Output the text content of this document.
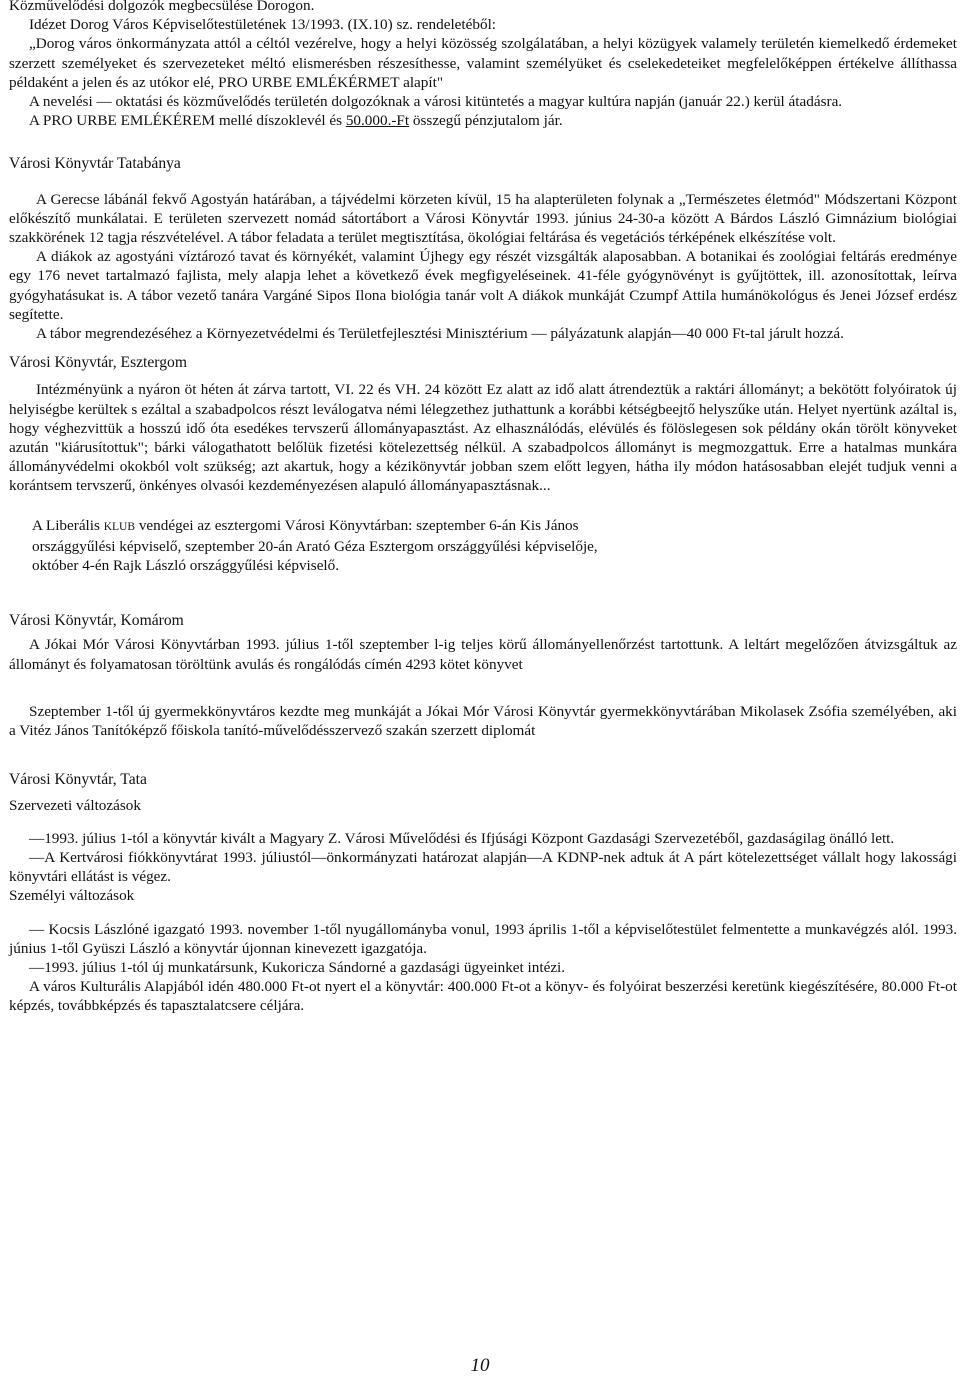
Közművelődési dolgozók megbecsülése Dorogon.

Idézet Dorog Város Képviselőtestületének 13/1993. (IX.10) sz. rendeletéből:

„Dorog város önkormányzata attól a céltól vezérelve, hogy a helyi közösség szolgálatában, a helyi közügyek valamely területén kiemelkedő érdemeket szerzett személyeket és szervezeteket méltó elismerésben részesíthesse, valamint személyüket és cselekedeteiket megfelelőképpen értékelve állíthassa példaként a jelen és az utókor elé, PRO URBE EMLÉKÉRMET alapít"

A nevelési — oktatási és közművelődés területén dolgozóknak a városi kitüntetés a magyar kultúra napján (január 22.) kerül átadásra.

A PRO URBE EMLÉKÉREM mellé díszoklevél és 50.000.-Ft összegű pénzjutalom jár.

Városi Könyvtár Tatabánya

A Gerecse lábánál fekvő Agostyán határában, a tájvédelmi körzeten kívül, 15 ha alapterületen folynak a „Természetes életmód" Módszertani Központ előkészítő munkálatai. E területen szervezett nomád sátortábort a Városi Könyvtár 1993. június 24-30-a között A Bárdos László Gimnázium biológiai szakkörének 12 tagja részvételével. A tábor feladata a terület megtisztítása, ökológiai feltárása és vegetációs térképének elkészítése volt.

A diákok az agostyáni víztározó tavat és környékét, valamint Újhegy egy részét vizsgálták alaposabban. A botanikai és zoológiai feltárás eredménye egy 176 nevet tartalmazó fajlista, mely alapja lehet a következő évek megfigyeléseinek. 41-féle gyógynövényt is gyűjtöttek, ill. azonosítottak, leírva gyógyhatásukat is. A tábor vezető tanára Vargáné Sipos Ilona biológia tanár volt A diákok munkáját Czumpf Attila humánökológus és Jenei József erdész segítette.

A tábor megrendezéséhez a Környezetvédelmi és Területfejlesztési Minisztérium — pályázatunk alapján—40 000 Ft-tal járult hozzá.

Városi Könyvtár, Esztergom

Intézményünk a nyáron öt héten át zárva tartott, VI. 22 és VH. 24 között Ez alatt az idő alatt átrendeztük a raktári állományt; a bekötött folyóiratok új helyiségbe kerültek s ezáltal a szabadpolcos részt leválogatva némi lélegzethez juthattunk a korábbi kétségbeejtő helyszűke után. Helyet nyertünk azáltal is, hogy véghezvittük a hosszú idő óta esedékes tervszerű állományapasztást. Az elhasználódás, elévülés és fölöslegesen sok példány okán törölt könyveket azután "kiárusítottuk"; bárki válogathatott belőlük fizetési kötelezettség nélkül. A szabadpolcos állományt is megmozgattuk. Erre a hatalmas munkára állományvédelmi okokból volt szükség; azt akartuk, hogy a kézikönyvtár jobban szem előtt legyen, hátha ily módon hatásosabban elejét tudjuk venni a korántsem tervszerű, önkényes olvasói kezdeményezésen alapuló állományapasztásnak...

A Liberális KLUB vendégei az esztergomi Városi Könyvtárban: szeptember 6-án Kis János országgyűlési képviselő, szeptember 20-án Arató Géza Esztergom országgyűlési képviselője, október 4-én Rajk László országgyűlési képviselő.

Városi Könyvtár, Komárom

A Jókai Mór Városi Könyvtárban 1993. július 1-től szeptember l-ig teljes körű állományellenőrzést tartottunk. A leltárt megelőzően átvizsgáltuk az állományt és folyamatosan töröltünk avulás és rongálódás címén 4293 kötet könyvet

Szeptember 1-től új gyermekkönyvtáros kezdte meg munkáját a Jókai Mór Városi Könyvtár gyermekkönyvtárában Mikolasek Zsófia személyében, aki a Vitéz János Tanítóképző főiskola tanító-művelődésszervező szakán szerzett diplomát

Városi Könyvtár, Tata

Szervezeti változások

—1993. július 1-tól a könyvtár kivált a Magyary Z. Városi Művelődési és Ifjúsági Központ Gazdasági Szervezetéből, gazdaságilag önálló lett.

—A Kertvárosi fiókkönyvtárat 1993. júliustól—önkormányzati határozat alapján—A KDNP-nek adtuk át A párt kötelezettséget vállalt hogy lakossági könyvtári ellátást is végez.

Személyi változások

— Kocsis Lászlóné igazgató 1993. november 1-től nyugállományba vonul, 1993 április 1-től a képviselőtestület felmentette a munkavégzés alól. 1993. június 1-től Gyüszi László a könyvtár újonnan kinevezett igazgatója.

—1993. július 1-tól új munkatársunk, Kukoricza Sándorné a gazdasági ügyeinket intézi.

A város Kulturális Alapjából idén 480.000 Ft-ot nyert el a könyvtár: 400.000 Ft-ot a könyv- és folyóirat beszerzési keretünk kiegészítésére, 80.000 Ft-ot képzés, továbbképzés és tapasztalatcsere céljára.

10
